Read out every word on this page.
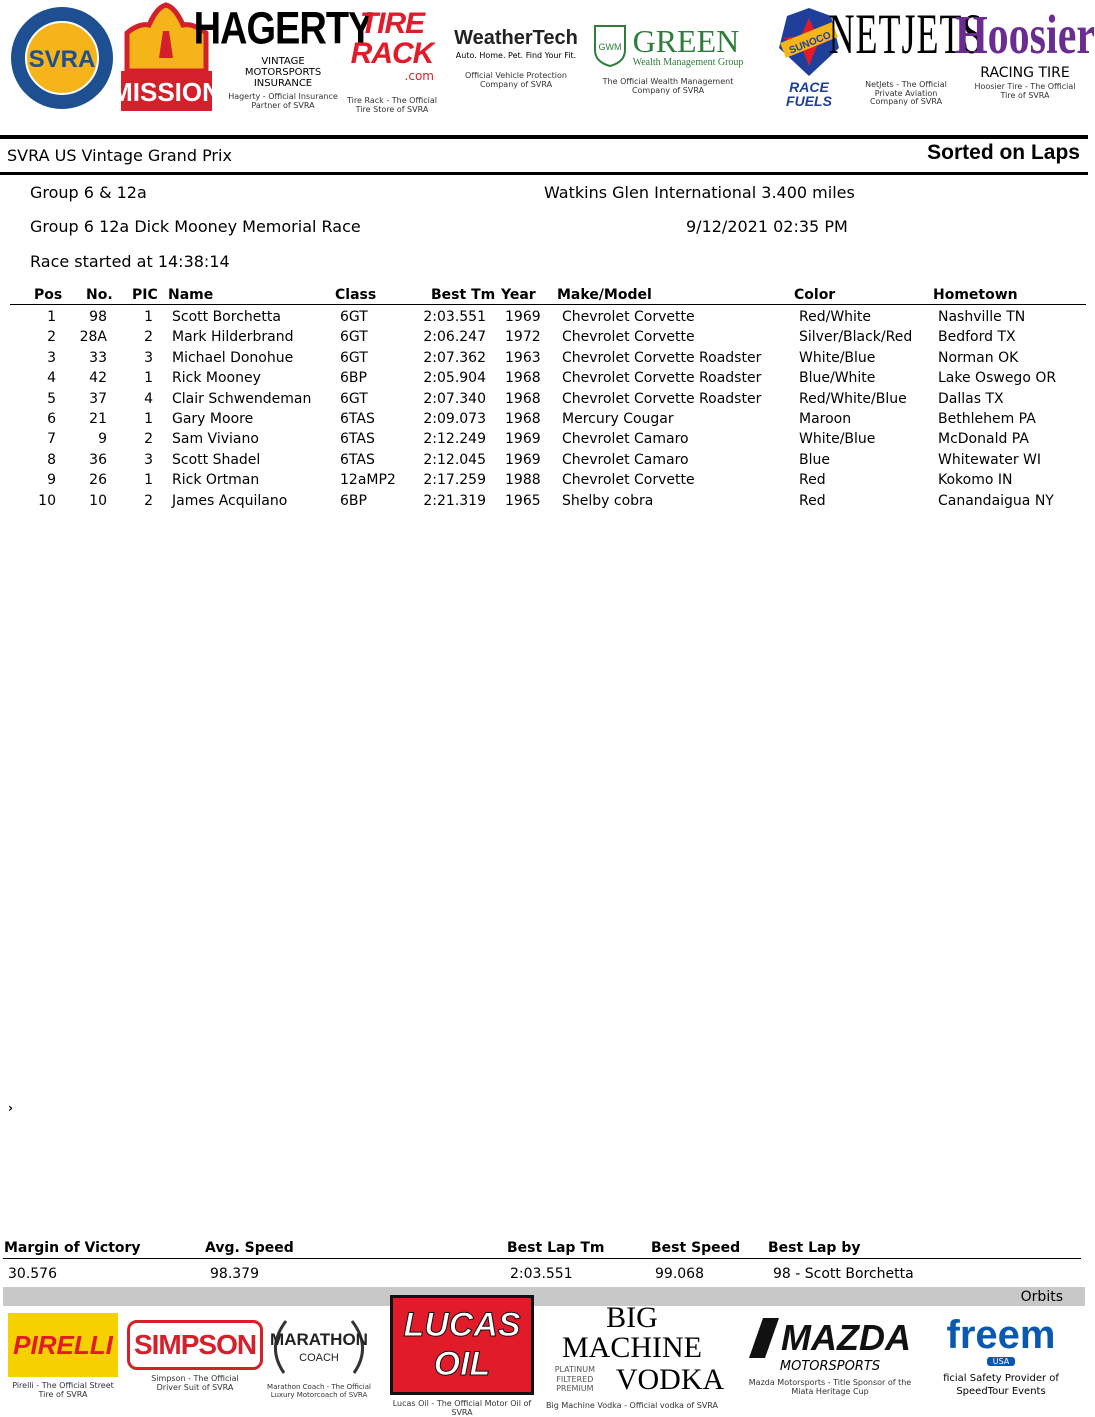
SVRA
MISSION
HAGERTY
VINTAGE MOTORSPORTS INSURANCE
Hagerty - Official Insurance Partner of SVRA
TIRE RACK
.com
Tire Rack - The Official Tire Store of SVRA
WeatherTech
Auto. Home. Pet. Find Your Fit.
Official Vehicle Protection Company of SVRA
GWM GREEN
Wealth Management Group
The Official Wealth Management Company of SVRA
SUNOCO
RACE FUELS
NETJETS
NetJets - The Official Private Aviation Company of SVRA
Hoosier
RACING TIRE
Hoosier Tire - The Official Tire of SVRA
SVRA US Vintage Grand Prix	Sorted on Laps
Group 6 & 12a	Watkins Glen International 3.400 miles
Group 6 12a Dick Mooney Memorial Race	9/12/2021 02:35 PM
Race started at 14:38:14
Pos No. PIC Name	Class	Best Tm Year Make/Model	Color	Hometown
1	98	1 Scott Borchetta	6GT	2:03.551 1969 Chevrolet Corvette	Red/White	Nashville TN
2	28A	2 Mark Hilderbrand	6GT	2:06.247 1972 Chevrolet Corvette	Silver/Black/Red Bedford TX
3	33	3 Michael Donohue	6GT	2:07.362 1963 Chevrolet Corvette Roadster	White/Blue	Norman OK
4	42	1 Rick Mooney	6BP	2:05.904 1968 Chevrolet Corvette Roadster	Blue/White	Lake Oswego OR
5	37	4 Clair Schwendeman 6GT	2:07.340 1968 Chevrolet Corvette Roadster	Red/White/Blue Dallas TX
6	21	1 Gary Moore	6TAS	2:09.073 1968 Mercury Cougar	Maroon	Bethlehem PA
7	9	2 Sam Viviano	6TAS	2:12.249 1969 Chevrolet Camaro	White/Blue	McDonald PA
8	36	3 Scott Shadel	6TAS	2:12.045 1969 Chevrolet Camaro	Blue	Whitewater WI
9	26	1 Rick Ortman	12aMP2	2:17.259 1988 Chevrolet Corvette	Red	Kokomo IN
10	10	2 James Acquilano	6BP	2:21.319 1965 Shelby cobra	Red	Canandaigua NY
›
Margin of Victory	Avg. Speed	Best Lap Tm	Best Speed Best Lap by
30.576	98.379	2:03.551	99.068	98 - Scott Borchetta
Orbits
PIRELLI
Pirelli - The Official Street Tire of SVRA
SIMPSON
Simpson - The Official Driver Suit of SVRA
MARATHON
COACH
Marathon Coach - The Official Luxury Motorcoach of SVRA
LUCAS OIL
Lucas Oil - The Official Motor Oil of SVRA
BIG MACHINE
PLATINUM FILTERED PREMIUM VODKA
Big Machine Vodka - Official vodka of SVRA
MAZDA
MOTORSPORTS
Mazda Motorsports - Title Sponsor of the Miata Heritage Cup
freem
USA
ficial Safety Provider of SpeedTour Events
